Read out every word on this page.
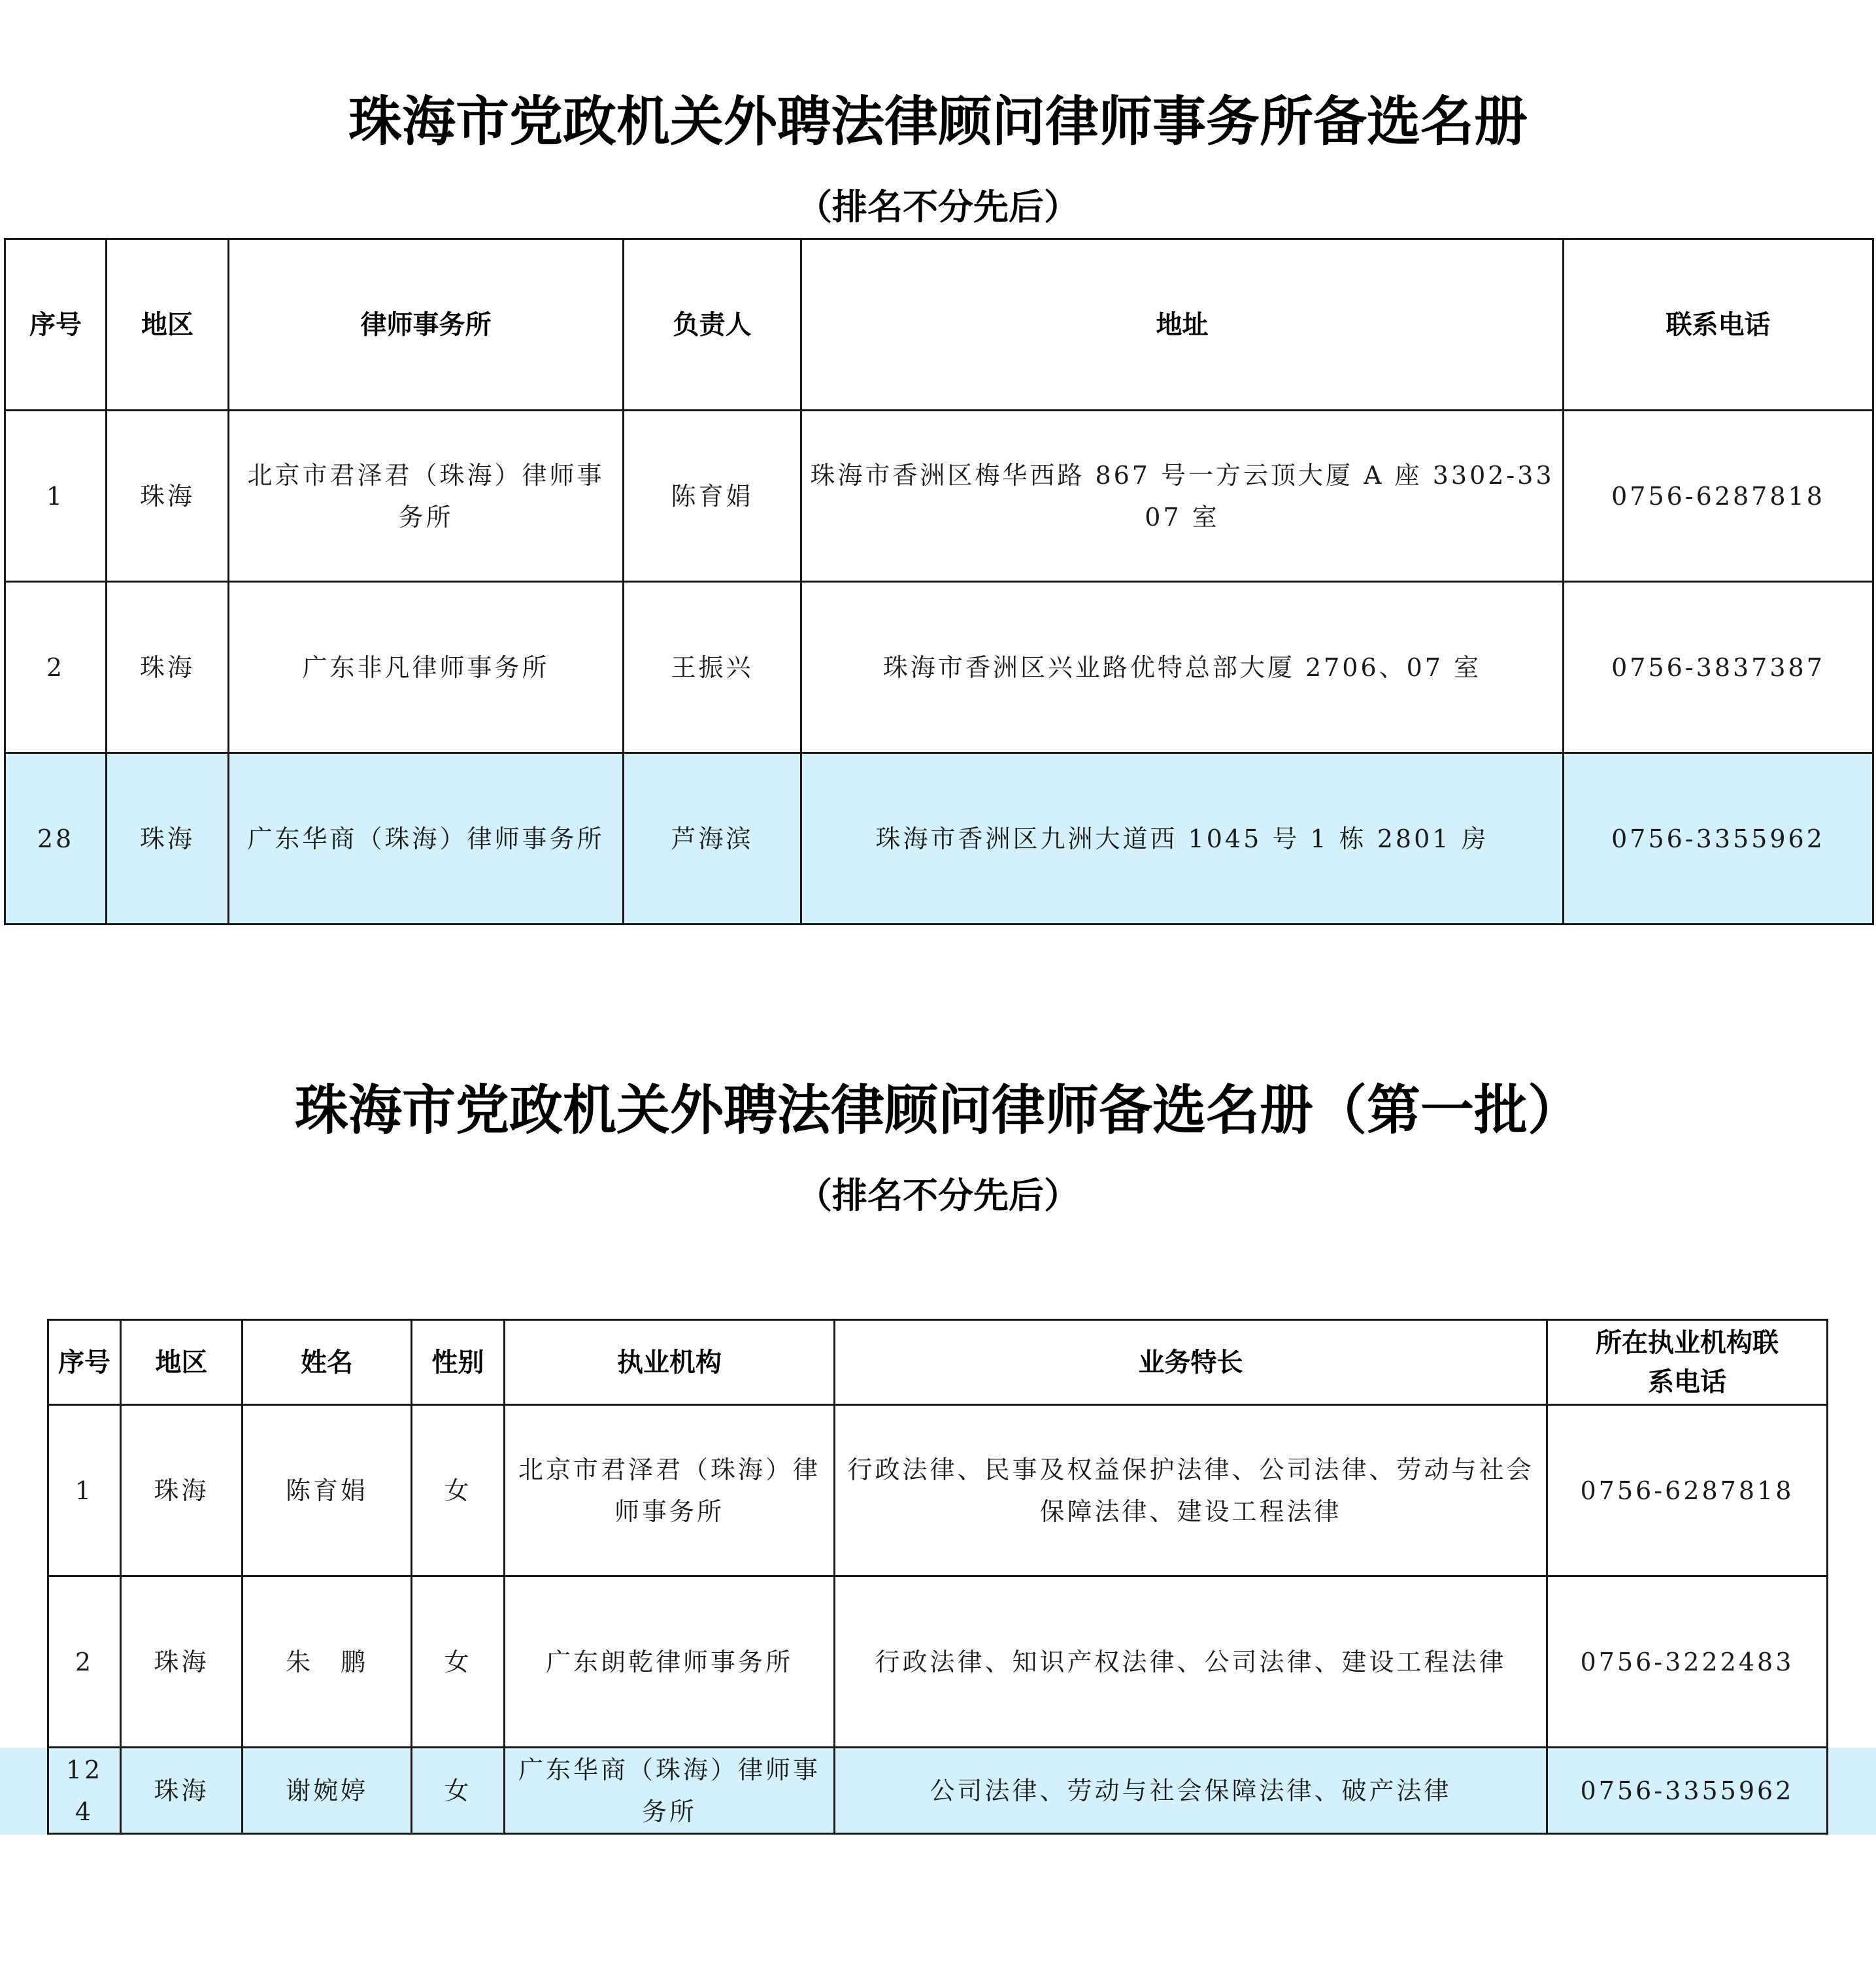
珠海市党政机关外聘法律顾问律师事务所备选名册
（排名不分先后）
序号	地区	律师事务所	负责人	地址	联系电话
1	珠海	北京市君泽君（珠海）律师事务所	陈育娟	珠海市香洲区梅华西路 867 号一方云顶大厦 A 座 3302-3307 室	0756-6287818
2	珠海	广东非凡律师事务所	王振兴	珠海市香洲区兴业路优特总部大厦 2706、07 室	0756-3837387
28	珠海	广东华商（珠海）律师事务所	芦海滨	珠海市香洲区九洲大道西 1045 号 1 栋 2801 房	0756-3355962
珠海市党政机关外聘法律顾问律师备选名册（第一批）
（排名不分先后）
序号	地区	姓名	性别	执业机构	业务特长	所在执业机构联系电话
1	珠海	陈育娟	女	北京市君泽君（珠海）律师事务所	行政法律、民事及权益保护法律、公司法律、劳动与社会保障法律、建设工程法律	0756-6287818
2	珠海	朱　鹏	女	广东朗乾律师事务所	行政法律、知识产权法律、公司法律、建设工程法律	0756-3222483
124	珠海	谢婉婷	女	广东华商（珠海）律师事务所	公司法律、劳动与社会保障法律、破产法律	0756-3355962
